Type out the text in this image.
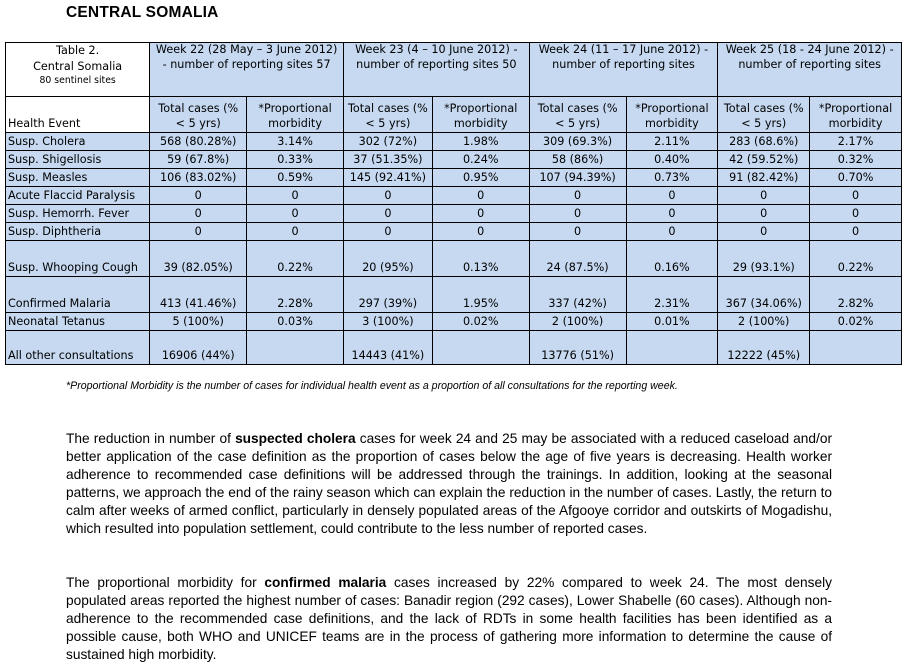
CENTRAL SOMALIA
Table 2.
Central Somalia
80 sentinel sites	Week 22 (28 May – 3 June 2012) - number of reporting sites 57		Week 23 (4 – 10 June 2012) - number of reporting sites 50		Week 24 (11 – 17 June 2012) - number of reporting sites		Week 25 (18 - 24 June 2012) - number of reporting sites	
Health Event	Total cases (% < 5 yrs)	*Proportional morbidity	Total cases (% < 5 yrs)	*Proportional morbidity	Total cases (% < 5 yrs)	*Proportional morbidity	Total cases (% < 5 yrs)	*Proportional morbidity
Susp. Cholera	568 (80.28%)	3.14%	302 (72%)	1.98%	309 (69.3%)	2.11%	283 (68.6%)	2.17%
Susp. Shigellosis	59 (67.8%)	0.33%	37 (51.35%)	0.24%	58 (86%)	0.40%	42 (59.52%)	0.32%
Susp. Measles	106 (83.02%)	0.59%	145 (92.41%)	0.95%	107 (94.39%)	0.73%	91 (82.42%)	0.70%
Acute Flaccid Paralysis	0	0	0	0	0	0	0	0
Susp. Hemorrh. Fever	0	0	0	0	0	0	0	0
Susp. Diphtheria	0	0	0	0	0	0	0	0
Susp. Whooping Cough	39 (82.05%)	0.22%	20 (95%)	0.13%	24 (87.5%)	0.16%	29 (93.1%)	0.22%
Confirmed Malaria	413 (41.46%)	2.28%	297 (39%)	1.95%	337 (42%)	2.31%	367 (34.06%)	2.82%
Neonatal Tetanus	5 (100%)	0.03%	3 (100%)	0.02%	2 (100%)	0.01%	2 (100%)	0.02%
All other consultations	16906 (44%)		14443 (41%)		13776 (51%)		12222 (45%)	
*Proportional Morbidity is the number of cases for individual health event as a proportion of all consultations for the reporting week.

The reduction in number of suspected cholera cases for week 24 and 25 may be associated with a reduced caseload and/or better application of the case definition as the proportion of cases below the age of five years is decreasing. Health worker adherence to recommended case definitions will be addressed through the trainings. In addition, looking at the seasonal patterns, we approach the end of the rainy season which can explain the reduction in the number of cases. Lastly, the return to calm after weeks of armed conflict, particularly in densely populated areas of the Afgooye corridor and outskirts of Mogadishu, which resulted into population settlement, could contribute to the less number of reported cases.

The proportional morbidity for confirmed malaria cases increased by 22% compared to week 24. The most densely populated areas reported the highest number of cases: Banadir region (292 cases), Lower Shabelle (60 cases). Although non-adherence to the recommended case definitions, and the lack of RDTs in some health facilities has been identified as a possible cause, both WHO and UNICEF teams are in the process of gathering more information to determine the cause of sustained high morbidity.
